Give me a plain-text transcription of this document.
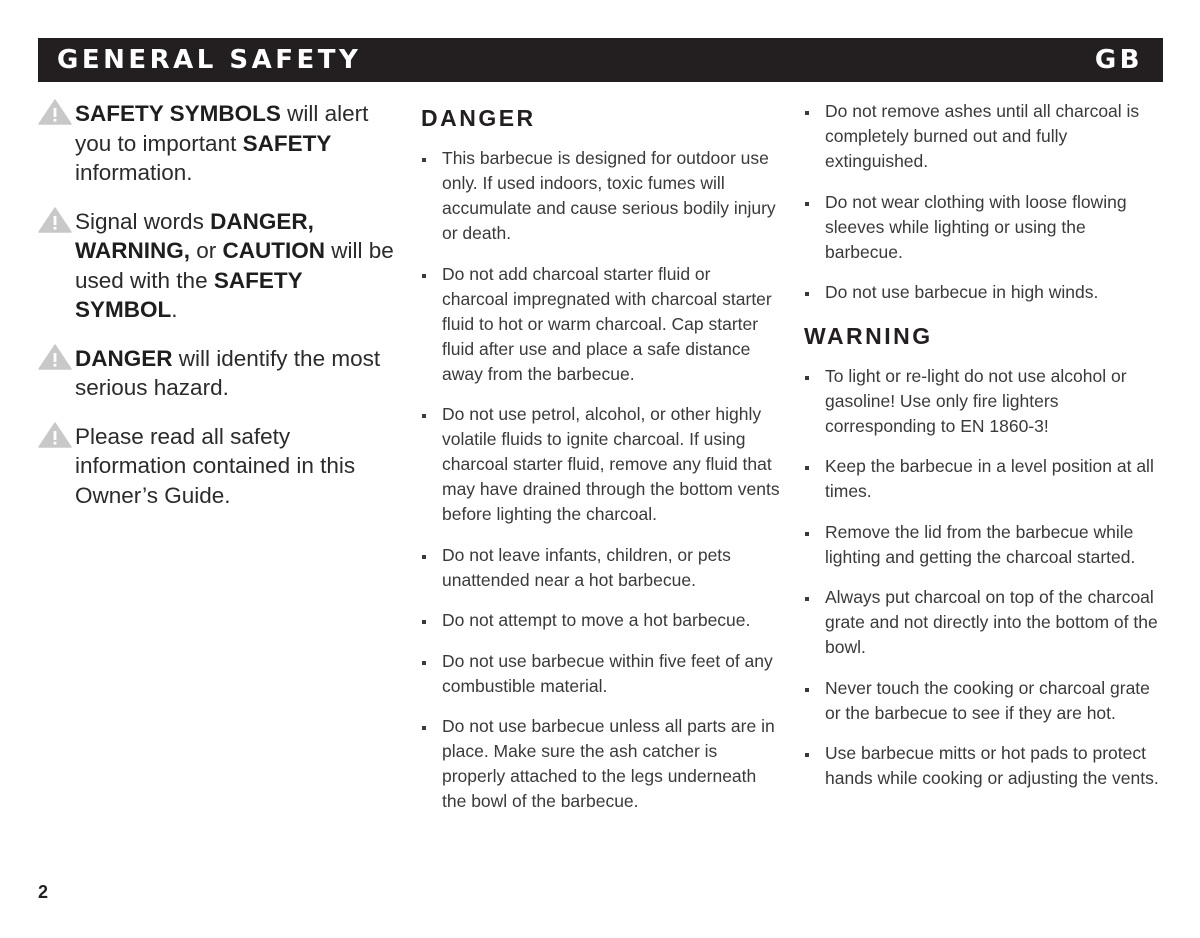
GENERAL SAFETY	GB
SAFETY SYMBOLS will alert you to important SAFETY information.
Signal words DANGER, WARNING, or CAUTION will be used with the SAFETY SYMBOL.
DANGER will identify the most serious hazard.
Please read all safety information contained in this Owner’s Guide.
DANGER
This barbecue is designed for outdoor use only. If used indoors, toxic fumes will accumulate and cause serious bodily injury or death.
Do not add charcoal starter fluid or charcoal impregnated with charcoal starter fluid to hot or warm charcoal. Cap starter fluid after use and place a safe distance away from the barbecue.
Do not use petrol, alcohol, or other highly volatile fluids to ignite charcoal. If using charcoal starter fluid, remove any fluid that may have drained through the bottom vents before lighting the charcoal.
Do not leave infants, children, or pets unattended near a hot barbecue.
Do not attempt to move a hot barbecue.
Do not use barbecue within five feet of any combustible material.
Do not use barbecue unless all parts are in place. Make sure the ash catcher is properly attached to the legs underneath the bowl of the barbecue.
Do not remove ashes until all charcoal is completely burned out and fully extinguished.
Do not wear clothing with loose flowing sleeves while lighting or using the barbecue.
Do not use barbecue in high winds.
WARNING
To light or re-light do not use alcohol or gasoline! Use only fire lighters corresponding to EN 1860-3!
Keep the barbecue in a level position at all times.
Remove the lid from the barbecue while lighting and getting the charcoal started.
Always put charcoal on top of the charcoal grate and not directly into the bottom of the bowl.
Never touch the cooking or charcoal grate or the barbecue to see if they are hot.
Use barbecue mitts or hot pads to protect hands while cooking or adjusting the vents.
2
